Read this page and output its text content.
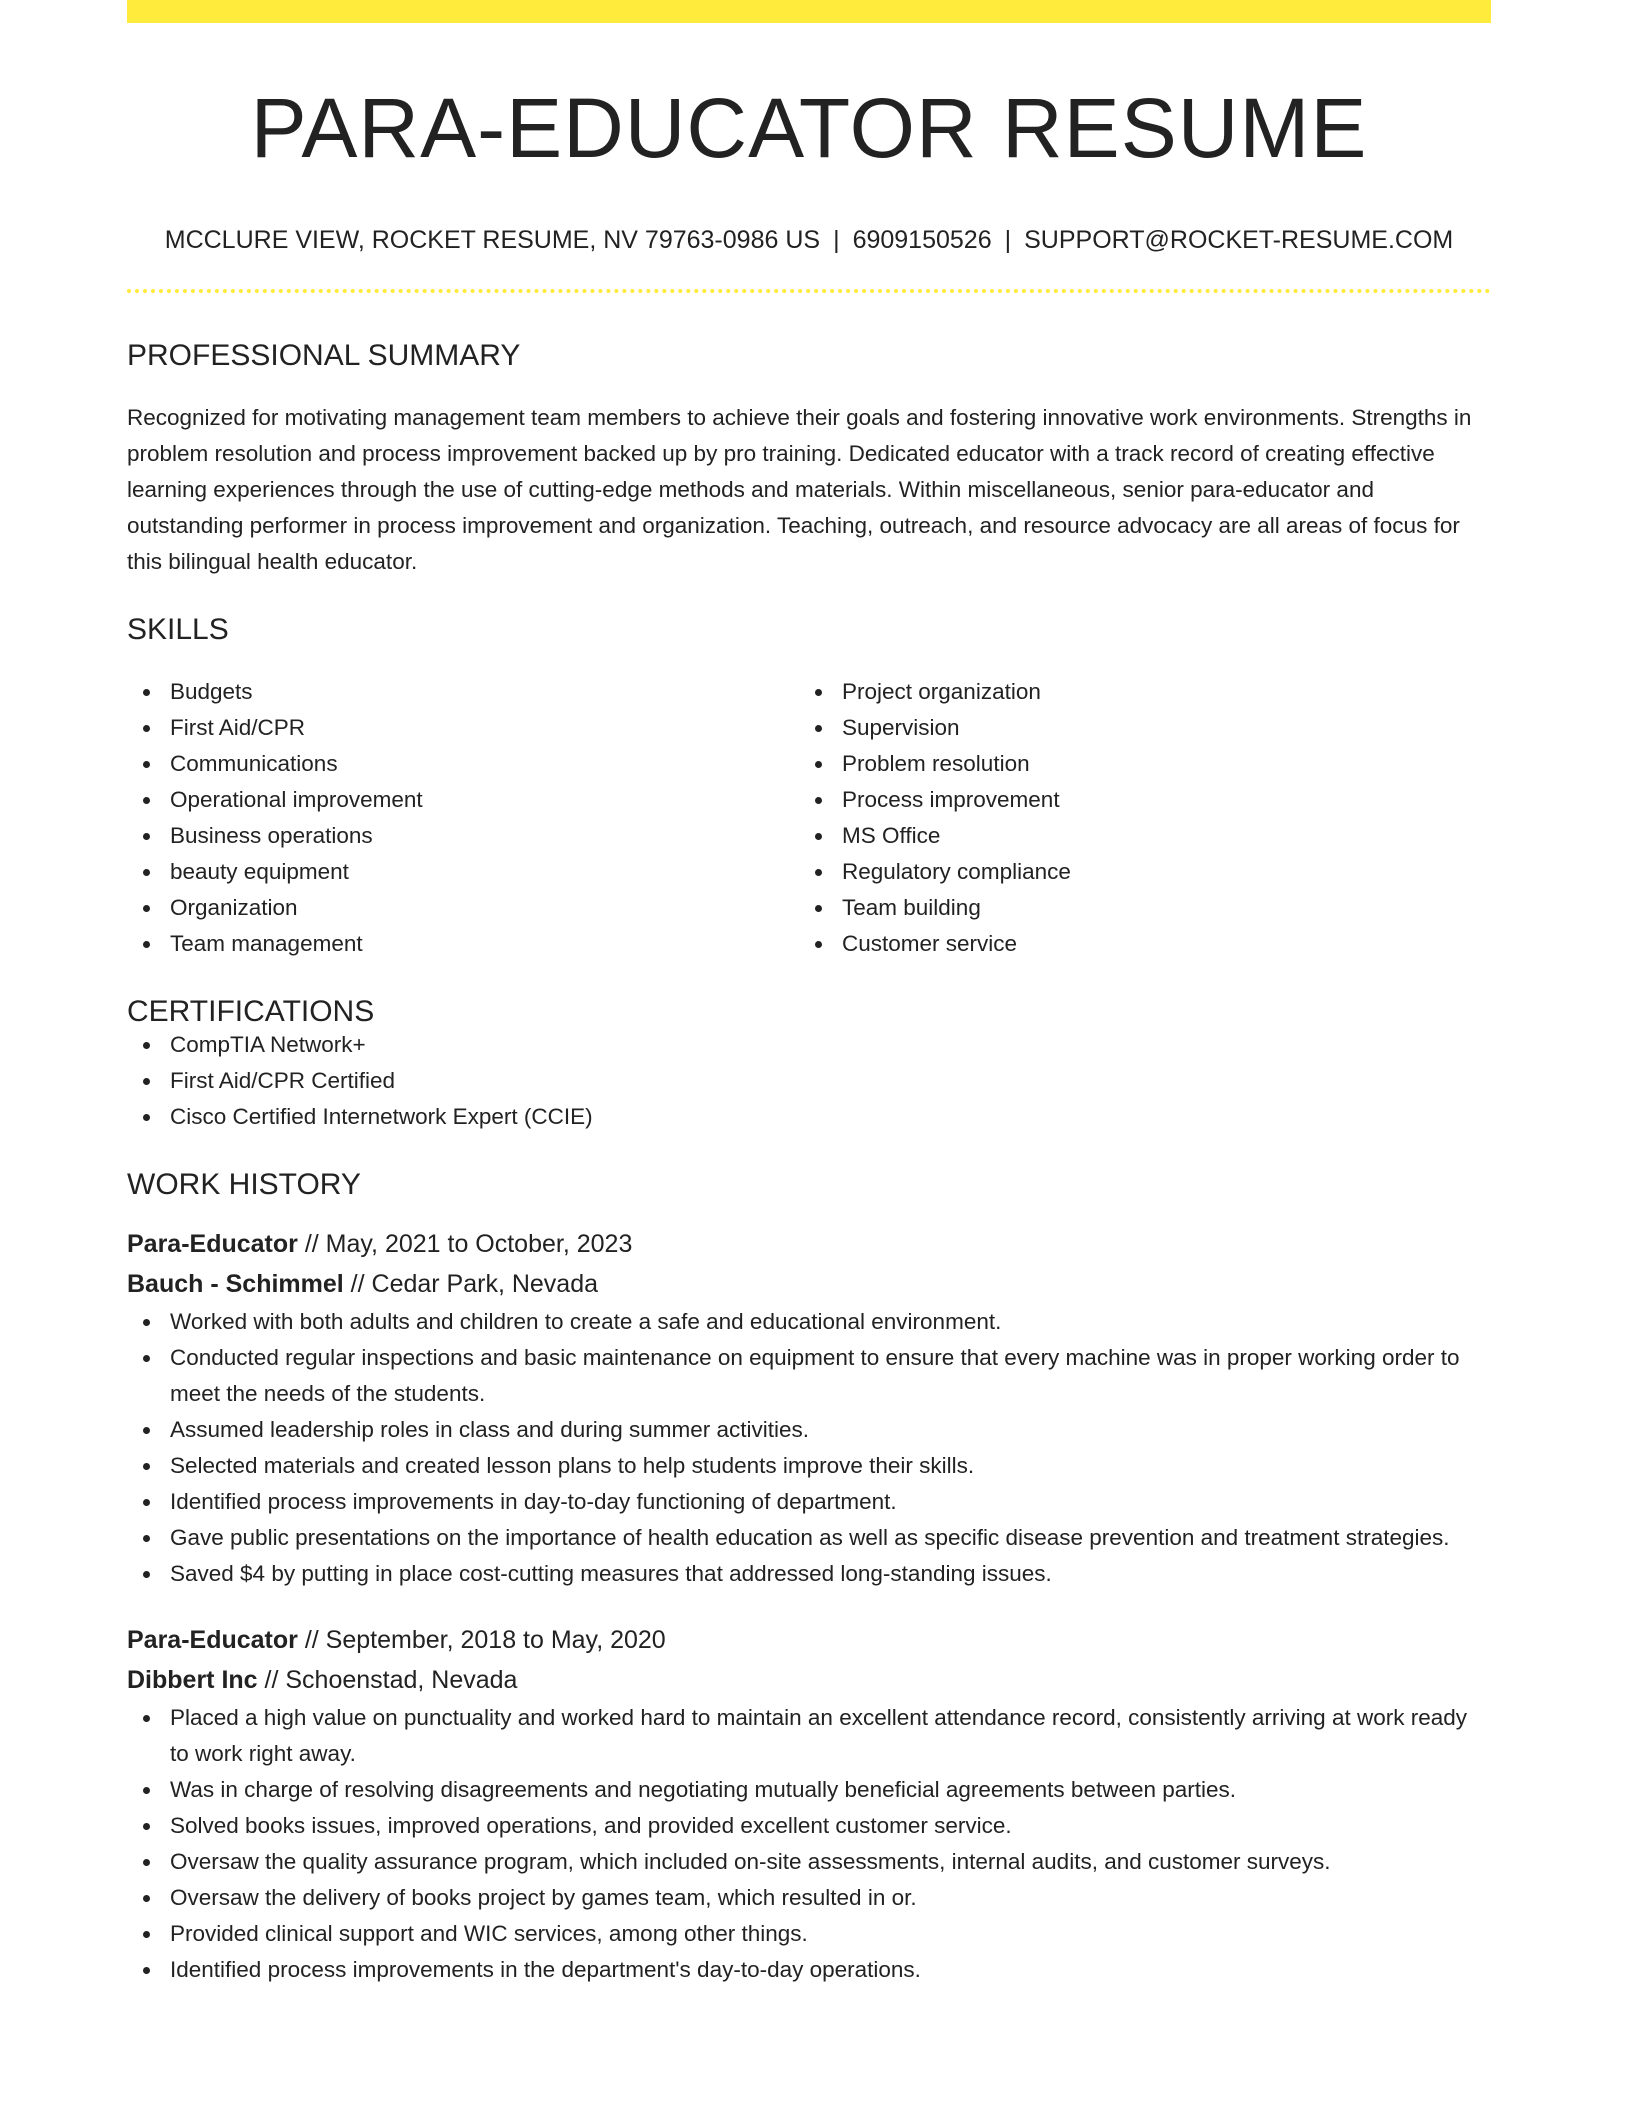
PARA-EDUCATOR RESUME
MCCLURE VIEW, ROCKET RESUME, NV 79763-0986 US | 6909150526 | SUPPORT@ROCKET-RESUME.COM
PROFESSIONAL SUMMARY
Recognized for motivating management team members to achieve their goals and fostering innovative work environments. Strengths in problem resolution and process improvement backed up by pro training. Dedicated educator with a track record of creating effective learning experiences through the use of cutting-edge methods and materials. Within miscellaneous, senior para-educator and outstanding performer in process improvement and organization. Teaching, outreach, and resource advocacy are all areas of focus for this bilingual health educator.
SKILLS
Budgets
First Aid/CPR
Communications
Operational improvement
Business operations
beauty equipment
Organization
Team management
Project organization
Supervision
Problem resolution
Process improvement
MS Office
Regulatory compliance
Team building
Customer service
CERTIFICATIONS
CompTIA Network+
First Aid/CPR Certified
Cisco Certified Internetwork Expert (CCIE)
WORK HISTORY
Para-Educator // May, 2021 to October, 2023
Bauch - Schimmel // Cedar Park, Nevada
Worked with both adults and children to create a safe and educational environment.
Conducted regular inspections and basic maintenance on equipment to ensure that every machine was in proper working order to meet the needs of the students.
Assumed leadership roles in class and during summer activities.
Selected materials and created lesson plans to help students improve their skills.
Identified process improvements in day-to-day functioning of department.
Gave public presentations on the importance of health education as well as specific disease prevention and treatment strategies.
Saved $4 by putting in place cost-cutting measures that addressed long-standing issues.
Para-Educator // September, 2018 to May, 2020
Dibbert Inc // Schoenstad, Nevada
Placed a high value on punctuality and worked hard to maintain an excellent attendance record, consistently arriving at work ready to work right away.
Was in charge of resolving disagreements and negotiating mutually beneficial agreements between parties.
Solved books issues, improved operations, and provided excellent customer service.
Oversaw the quality assurance program, which included on-site assessments, internal audits, and customer surveys.
Oversaw the delivery of books project by games team, which resulted in or.
Provided clinical support and WIC services, among other things.
Identified process improvements in the department's day-to-day operations.
